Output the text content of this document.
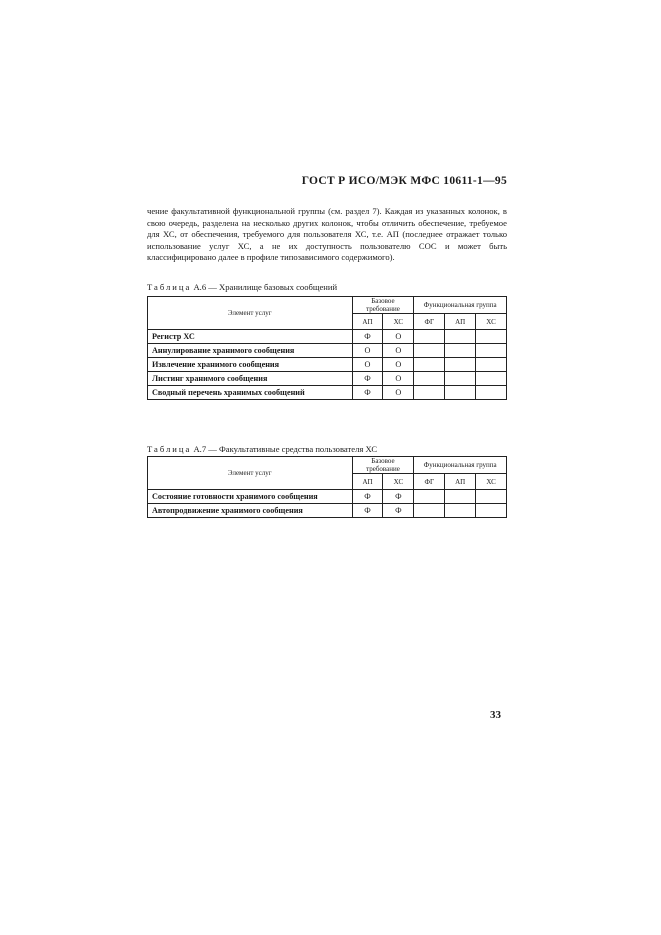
ГОСТ Р ИСО/МЭК МФС 10611-1—95
чение факультативной функциональной группы (см. раздел 7). Каждая из указанных колонок, в свою очередь, разделена на несколько других колонок, чтобы отличить обеспечение, требуемое для ХС, от обеспечения, требуемого для пользователя ХС, т.е. АП (последнее отражает только использование услуг ХС, а не их доступность пользователю СОС и может быть классифицировано далее в профиле типозависимого содержимого).
Таблица А.6 — Хранилище базовых сообщений
Элемент услуг	Базовое требование	Функциональная группа
АП	ХС	ФГ	АП	ХС
Регистр ХС	Ф	О			
Аннулирование хранимого сообщения	О	О			
Извлечение хранимого сообщения	О	О			
Листинг хранимого сообщения	Ф	О			
Сводный перечень хранимых сообщений	Ф	О			
Таблица А.7 — Факультативные средства пользователя ХС
Элемент услуг	Базовое требование	Функциональная группа
АП	ХС	ФГ	АП	ХС
Состояние готовности хранимого сообщения	Ф	Ф			
Автопродвижение хранимого сообщения	Ф	Ф			
33
